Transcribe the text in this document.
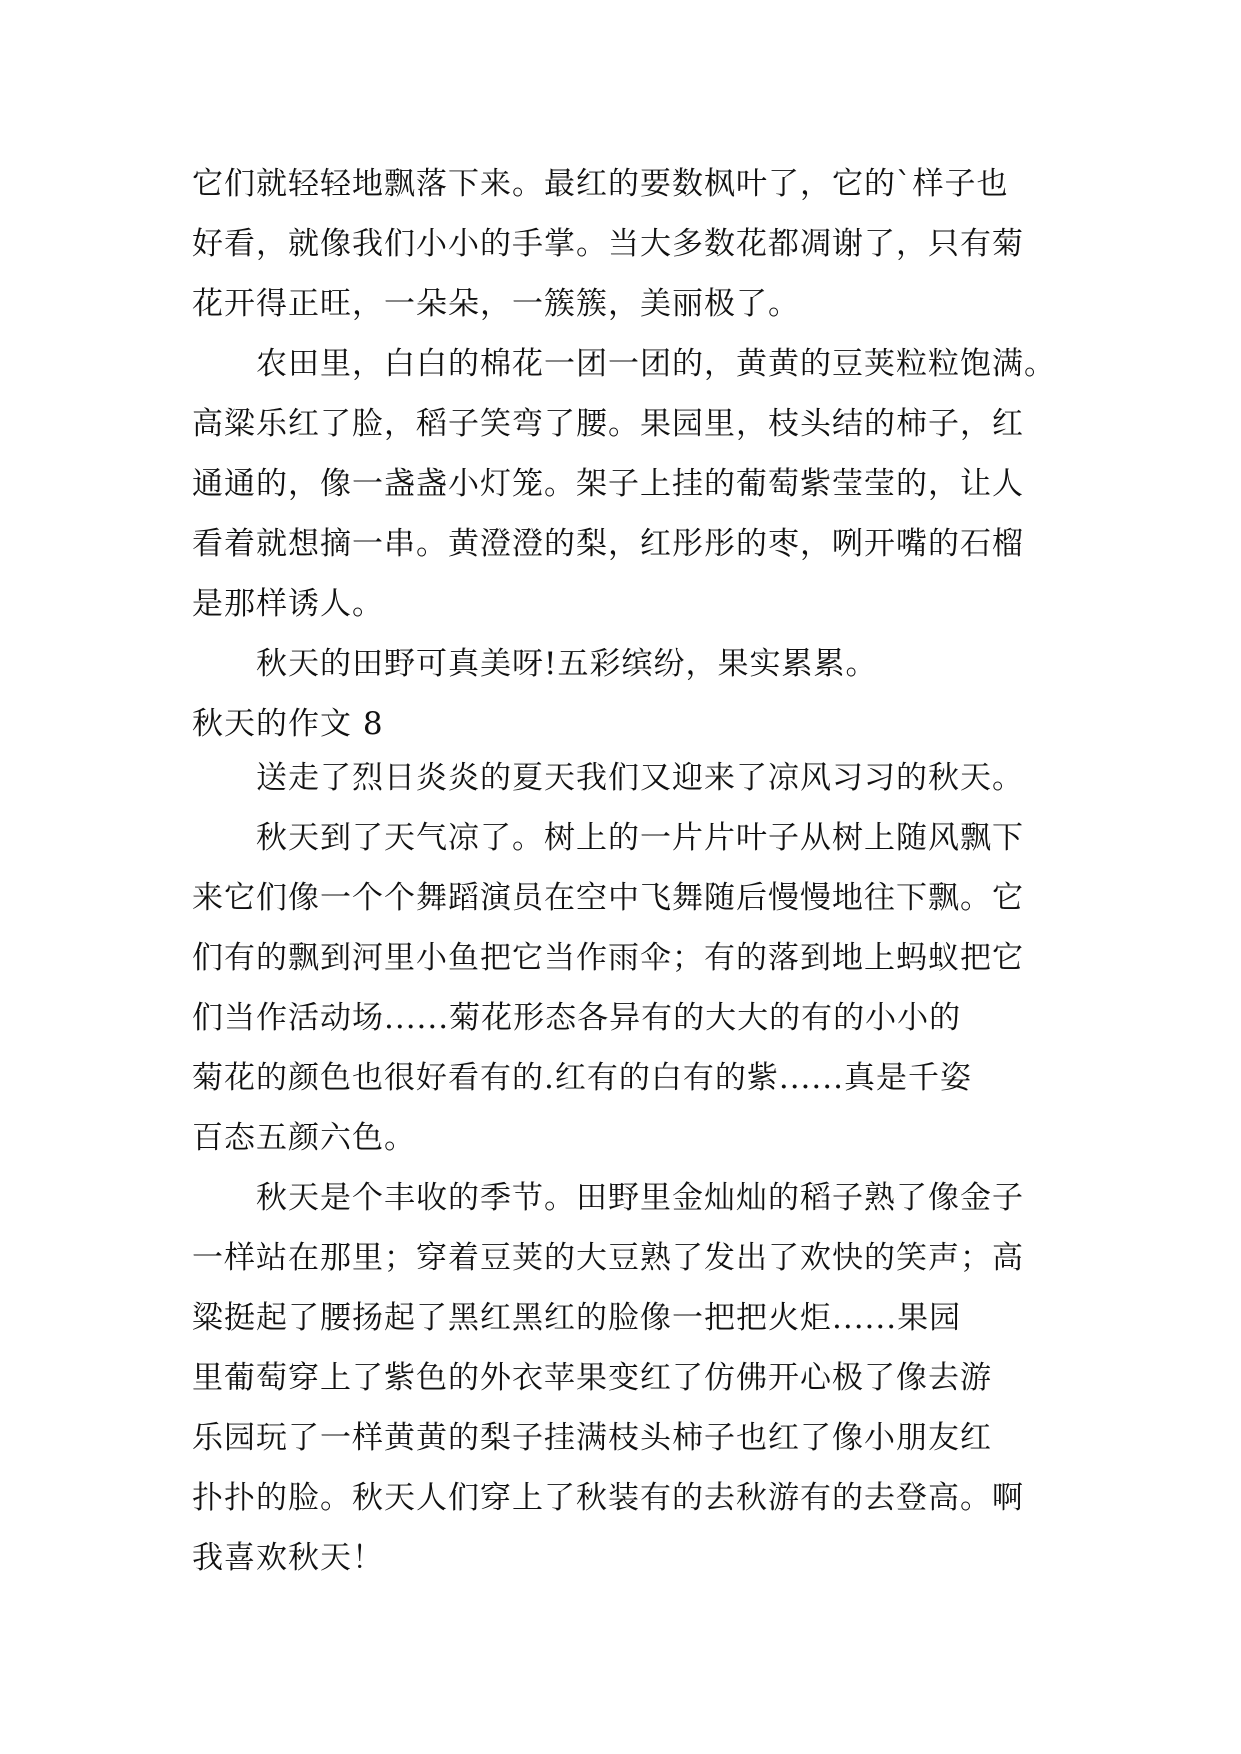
它们就轻轻地飘落下来。最红的要数枫叶了，它的`样子也
好看，就像我们小小的手掌。当大多数花都凋谢了，只有菊
花开得正旺，一朵朵，一簇簇，美丽极了。
农田里，白白的棉花一团一团的，黄黄的豆荚粒粒饱满。
高粱乐红了脸，稻子笑弯了腰。果园里，枝头结的柿子，红
通通的，像一盏盏小灯笼。架子上挂的葡萄紫莹莹的，让人
看着就想摘一串。黄澄澄的梨，红彤彤的枣，咧开嘴的石榴
是那样诱人。
秋天的田野可真美呀!五彩缤纷，果实累累。
秋天的作文 8
送走了烈日炎炎的夏天我们又迎来了凉风习习的秋天。
秋天到了天气凉了。树上的一片片叶子从树上随风飘下
来它们像一个个舞蹈演员在空中飞舞随后慢慢地往下飘。它
们有的飘到河里小鱼把它当作雨伞；有的落到地上蚂蚁把它
们当作活动场......菊花形态各异有的大大的有的小小的
菊花的颜色也很好看有的.红有的白有的紫......真是千姿
百态五颜六色。
秋天是个丰收的季节。田野里金灿灿的稻子熟了像金子
一样站在那里；穿着豆荚的大豆熟了发出了欢快的笑声；高
粱挺起了腰扬起了黑红黑红的脸像一把把火炬......果园
里葡萄穿上了紫色的外衣苹果变红了仿佛开心极了像去游
乐园玩了一样黄黄的梨子挂满枝头柿子也红了像小朋友红
扑扑的脸。秋天人们穿上了秋装有的去秋游有的去登高。啊
我喜欢秋天！
